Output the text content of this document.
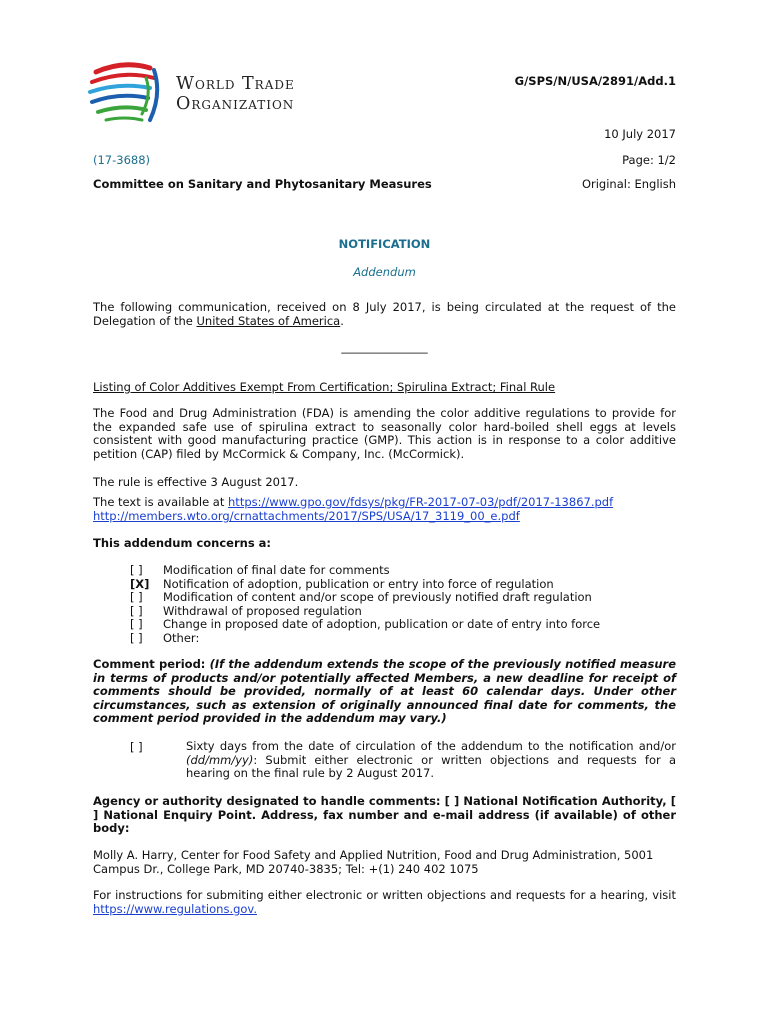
World Trade
Organization
G/SPS/N/USA/2891/Add.1
10 July 2017
(17-3688)	Page: 1/2
Committee on Sanitary and Phytosanitary Measures	Original: English
NOTIFICATION
Addendum
The following communication, received on 8 July 2017, is being circulated at the request of the Delegation of the United States of America.
_______________
Listing of Color Additives Exempt From Certification; Spirulina Extract; Final Rule
The Food and Drug Administration (FDA) is amending the color additive regulations to provide for the expanded safe use of spirulina extract to seasonally color hard-boiled shell eggs at levels consistent with good manufacturing practice (GMP). This action is in response to a color additive petition (CAP) filed by McCormick & Company, Inc. (McCormick).
The rule is effective 3 August 2017.
The text is available at https://www.gpo.gov/fdsys/pkg/FR-2017-07-03/pdf/2017-13867.pdf
http://members.wto.org/crnattachments/2017/SPS/USA/17_3119_00_e.pdf
This addendum concerns a:
[ ]	Modification of final date for comments
[X]	Notification of adoption, publication or entry into force of regulation
[ ]	Modification of content and/or scope of previously notified draft regulation
[ ]	Withdrawal of proposed regulation
[ ]	Change in proposed date of adoption, publication or date of entry into force
[ ]	Other:
Comment period: (If the addendum extends the scope of the previously notified measure in terms of products and/or potentially affected Members, a new deadline for receipt of comments should be provided, normally of at least 60 calendar days. Under other circumstances, such as extension of originally announced final date for comments, the comment period provided in the addendum may vary.)
[ ]	Sixty days from the date of circulation of the addendum to the notification and/or (dd/mm/yy): Submit either electronic or written objections and requests for a hearing on the final rule by 2 August 2017.
Agency or authority designated to handle comments: [ ] National Notification Authority, [ ] National Enquiry Point. Address, fax number and e-mail address (if available) of other body:
Molly A. Harry, Center for Food Safety and Applied Nutrition, Food and Drug Administration, 5001 Campus Dr., College Park, MD 20740-3835; Tel: +(1) 240 402 1075
For instructions for submiting either electronic or written objections and requests for a hearing, visit https://www.regulations.gov.
